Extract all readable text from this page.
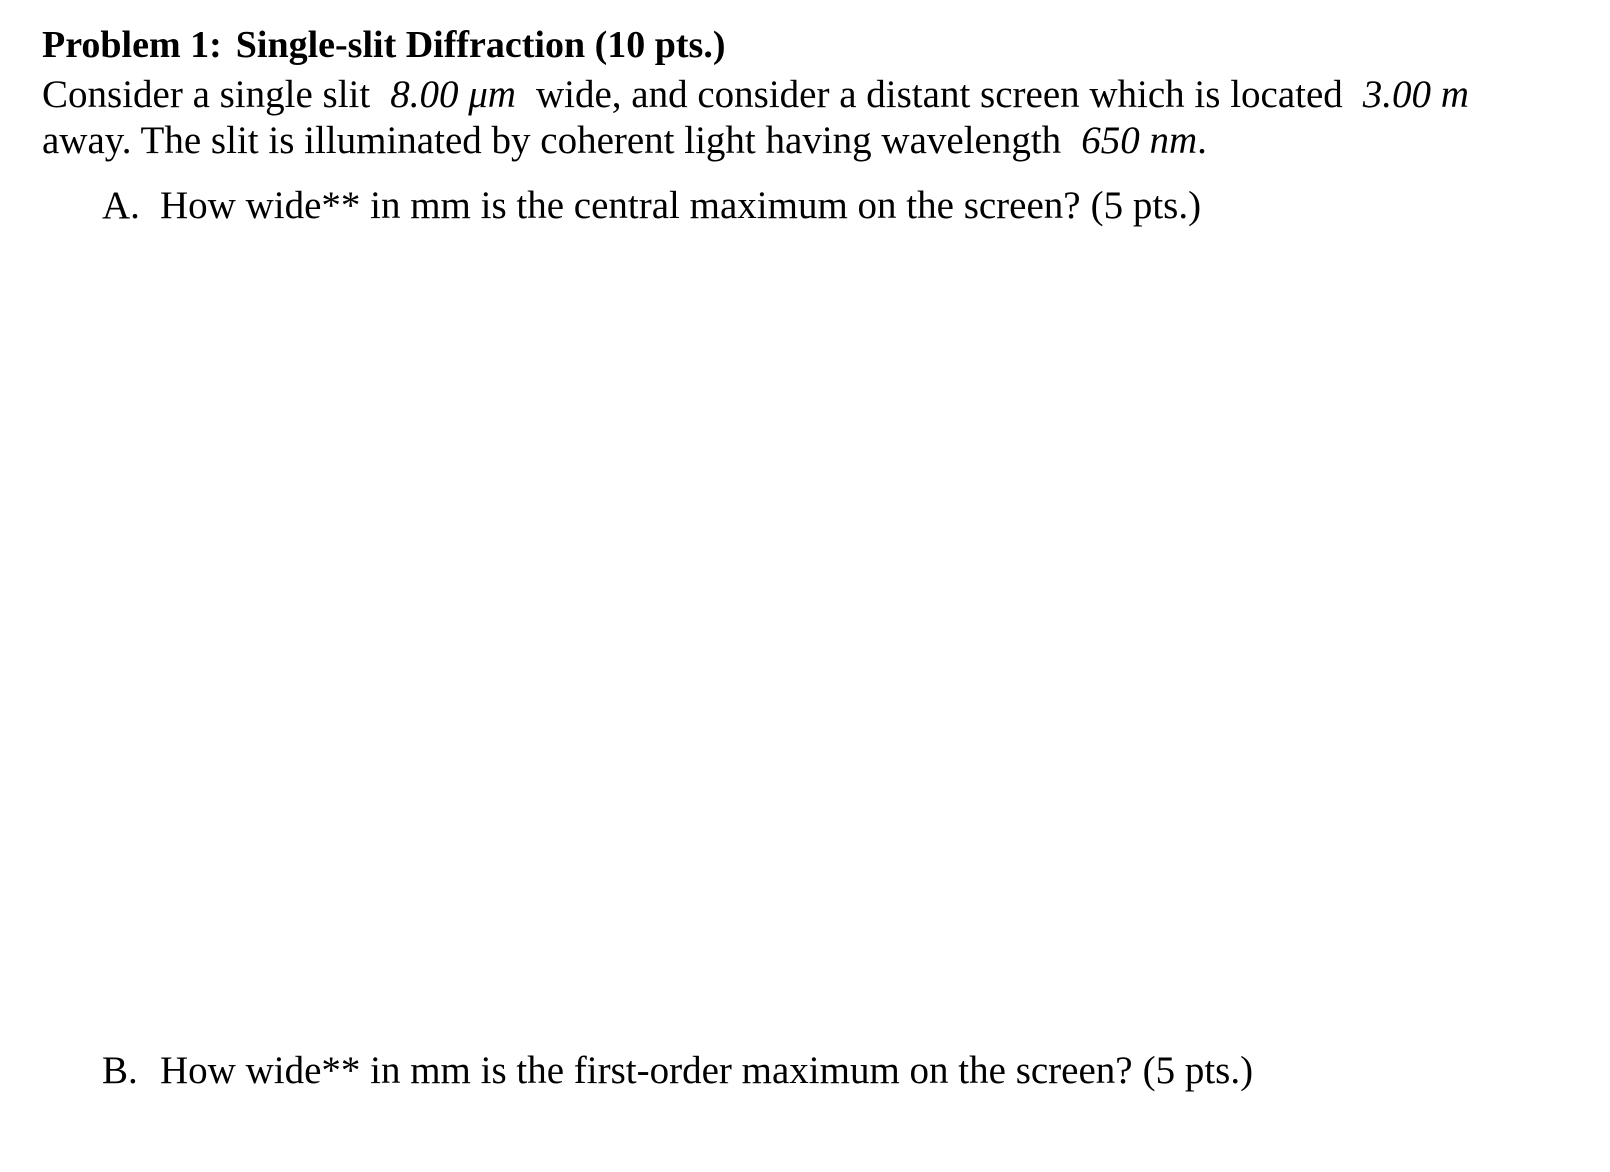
Problem 1: Single-slit Diffraction (10 pts.)
Consider a single slit 8.00 μm wide, and consider a distant screen which is located 3.00 m
away. The slit is illuminated by coherent light having wavelength 650 nm.
A. How wide** in mm is the central maximum on the screen? (5 pts.)
B. How wide** in mm is the first-order maximum on the screen? (5 pts.)
